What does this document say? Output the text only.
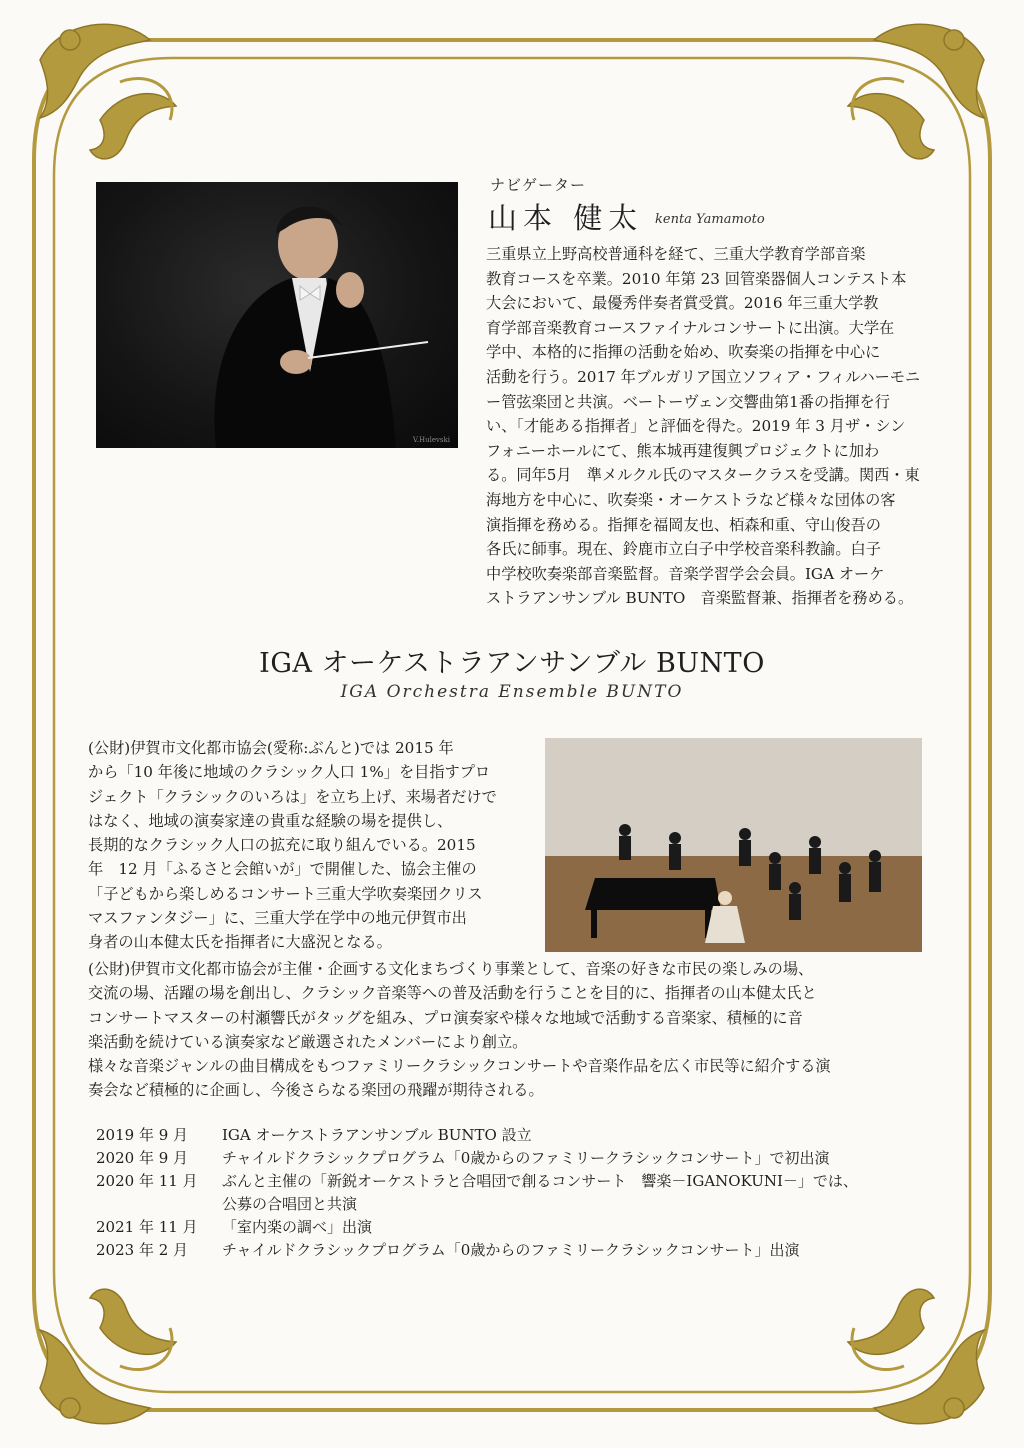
V.Hulevski
ナビゲーター
山本 健太 kenta Yamamoto
三重県立上野高校普通科を経て、三重大学教育学部音楽
教育コースを卒業。2010 年第 23 回管楽器個人コンテスト本
大会において、最優秀伴奏者賞受賞。2016 年三重大学教
育学部音楽教育コースファイナルコンサートに出演。大学在
学中、本格的に指揮の活動を始め、吹奏楽の指揮を中心に
活動を行う。2017 年ブルガリア国立ソフィア・フィルハーモニ
ー管弦楽団と共演。ベートーヴェン交響曲第1番の指揮を行
い、「才能ある指揮者」と評価を得た。2019 年 3 月ザ・シン
フォニーホールにて、熊本城再建復興プロジェクトに加わ
る。同年5月　準メルクル氏のマスタークラスを受講。関西・東
海地方を中心に、吹奏楽・オーケストラなど様々な団体の客
演指揮を務める。指揮を福岡友也、栢森和重、守山俊吾の
各氏に師事。現在、鈴鹿市立白子中学校音楽科教諭。白子
中学校吹奏楽部音楽監督。音楽学習学会会員。IGA オーケ
ストラアンサンブル BUNTO　音楽監督兼、指揮者を務める。
IGA オーケストラアンサンブル BUNTO
IGA Orchestra Ensemble BUNTO
(公財)伊賀市文化都市協会(愛称:ぶんと)では 2015 年
から「10 年後に地域のクラシック人口 1%」を目指すプロ
ジェクト「クラシックのいろは」を立ち上げ、来場者だけで
はなく、地域の演奏家達の貴重な経験の場を提供し、
長期的なクラシック人口の拡充に取り組んでいる。2015
年　12 月「ふるさと会館いが」で開催した、協会主催の
「子どもから楽しめるコンサート三重大学吹奏楽団クリス
マスファンタジー」に、三重大学在学中の地元伊賀市出
身者の山本健太氏を指揮者に大盛況となる。
(公財)伊賀市文化都市協会が主催・企画する文化まちづくり事業として、音楽の好きな市民の楽しみの場、
交流の場、活躍の場を創出し、クラシック音楽等への普及活動を行うことを目的に、指揮者の山本健太氏と
コンサートマスターの村瀬響氏がタッグを組み、プロ演奏家や様々な地域で活動する音楽家、積極的に音
楽活動を続けている演奏家など厳選されたメンバーにより創立。
様々な音楽ジャンルの曲目構成をもつファミリークラシックコンサートや音楽作品を広く市民等に紹介する演
奏会など積極的に企画し、今後さらなる楽団の飛躍が期待される。
2019 年 9 月	IGA オーケストラアンサンブル BUNTO 設立
2020 年 9 月	チャイルドクラシックプログラム「0歳からのファミリークラシックコンサート」で初出演
2020 年 11 月	ぶんと主催の「新鋭オーケストラと合唱団で創るコンサート　響楽－IGANOKUNI－」では、
公募の合唱団と共演
2021 年 11 月	「室内楽の調べ」出演
2023 年 2 月	チャイルドクラシックプログラム「0歳からのファミリークラシックコンサート」出演
